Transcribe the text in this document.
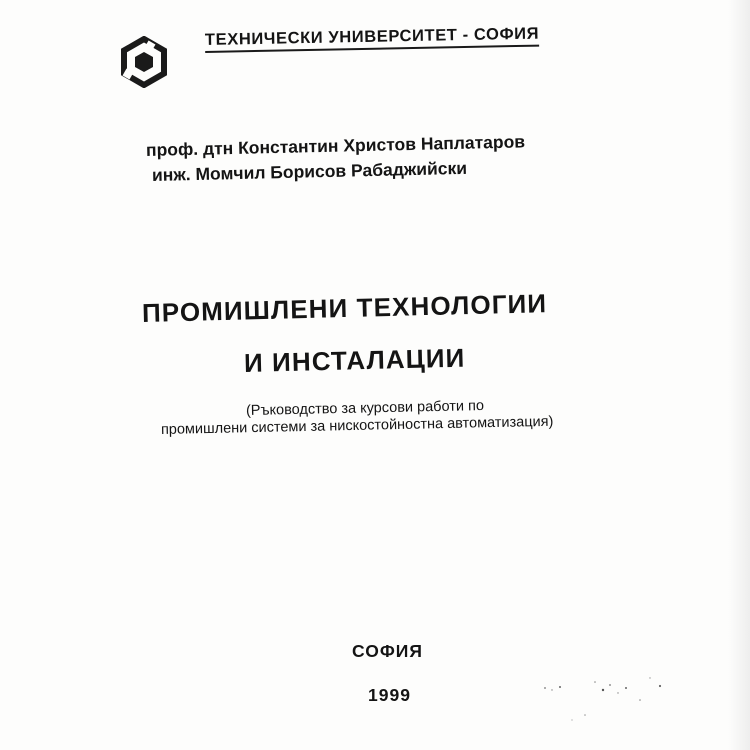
ТЕХНИЧЕСКИ УНИВЕРСИТЕТ - СОФИЯ
проф. дтн Константин Христов Наплатаров
инж. Момчил Борисов Рабаджийски
ПРОМИШЛЕНИ ТЕХНОЛОГИИ
И ИНСТАЛАЦИИ
(Ръководство за курсови работи по
промишлени системи за нискостойностна автоматизация)
СОФИЯ
1999
